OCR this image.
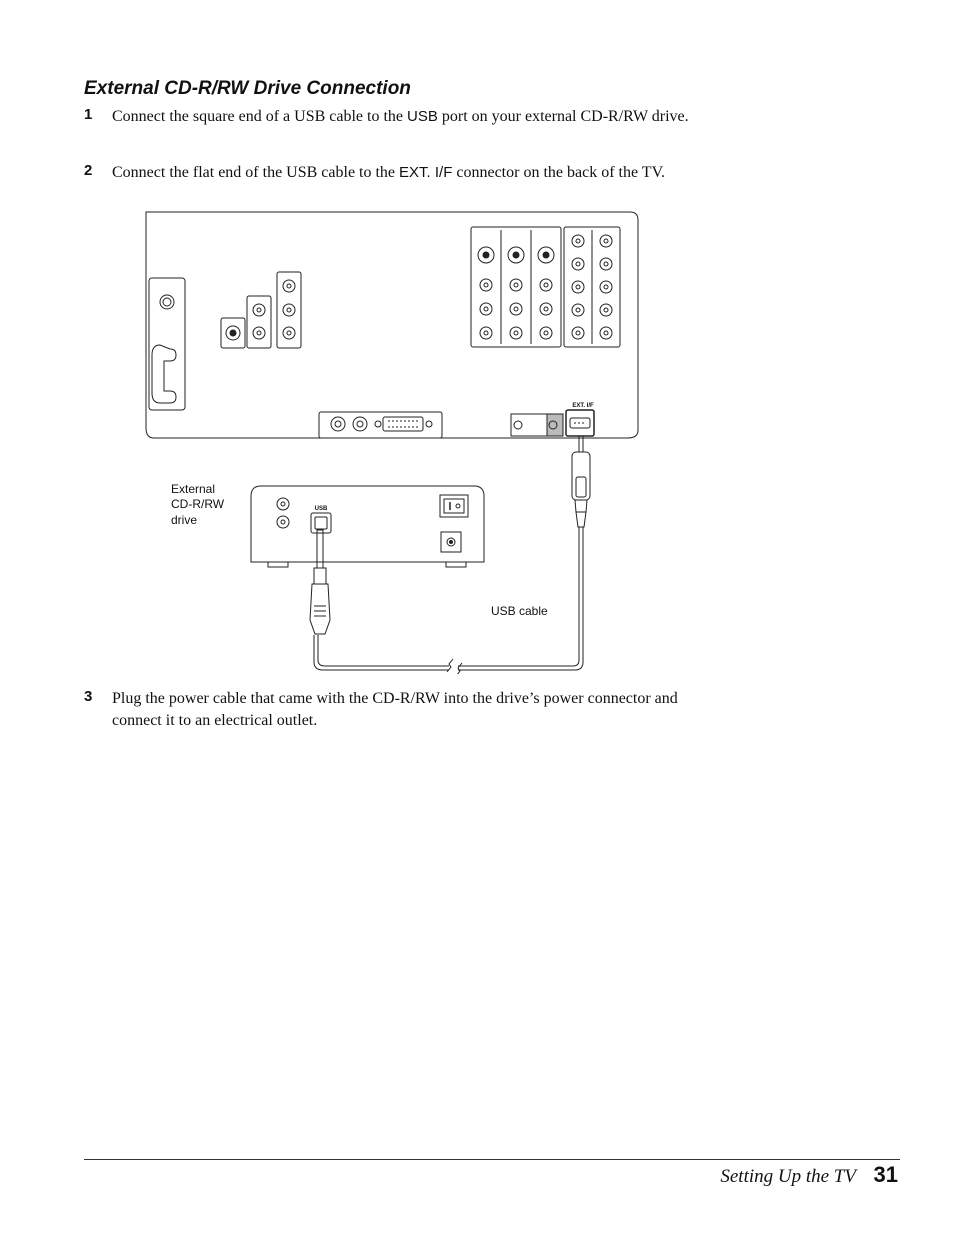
External CD-R/RW Drive Connection
1 Connect the square end of a USB cable to the USB port on your external CD-R/RW drive.
2 Connect the flat end of the USB cable to the EXT. I/F connector on the back of the TV.
EXT. I/F
USB
External CD-R/RW drive
USB cable
3 Plug the power cable that came with the CD-R/RW into the drive’s power connector and connect it to an electrical outlet.
Setting Up the TV 31
